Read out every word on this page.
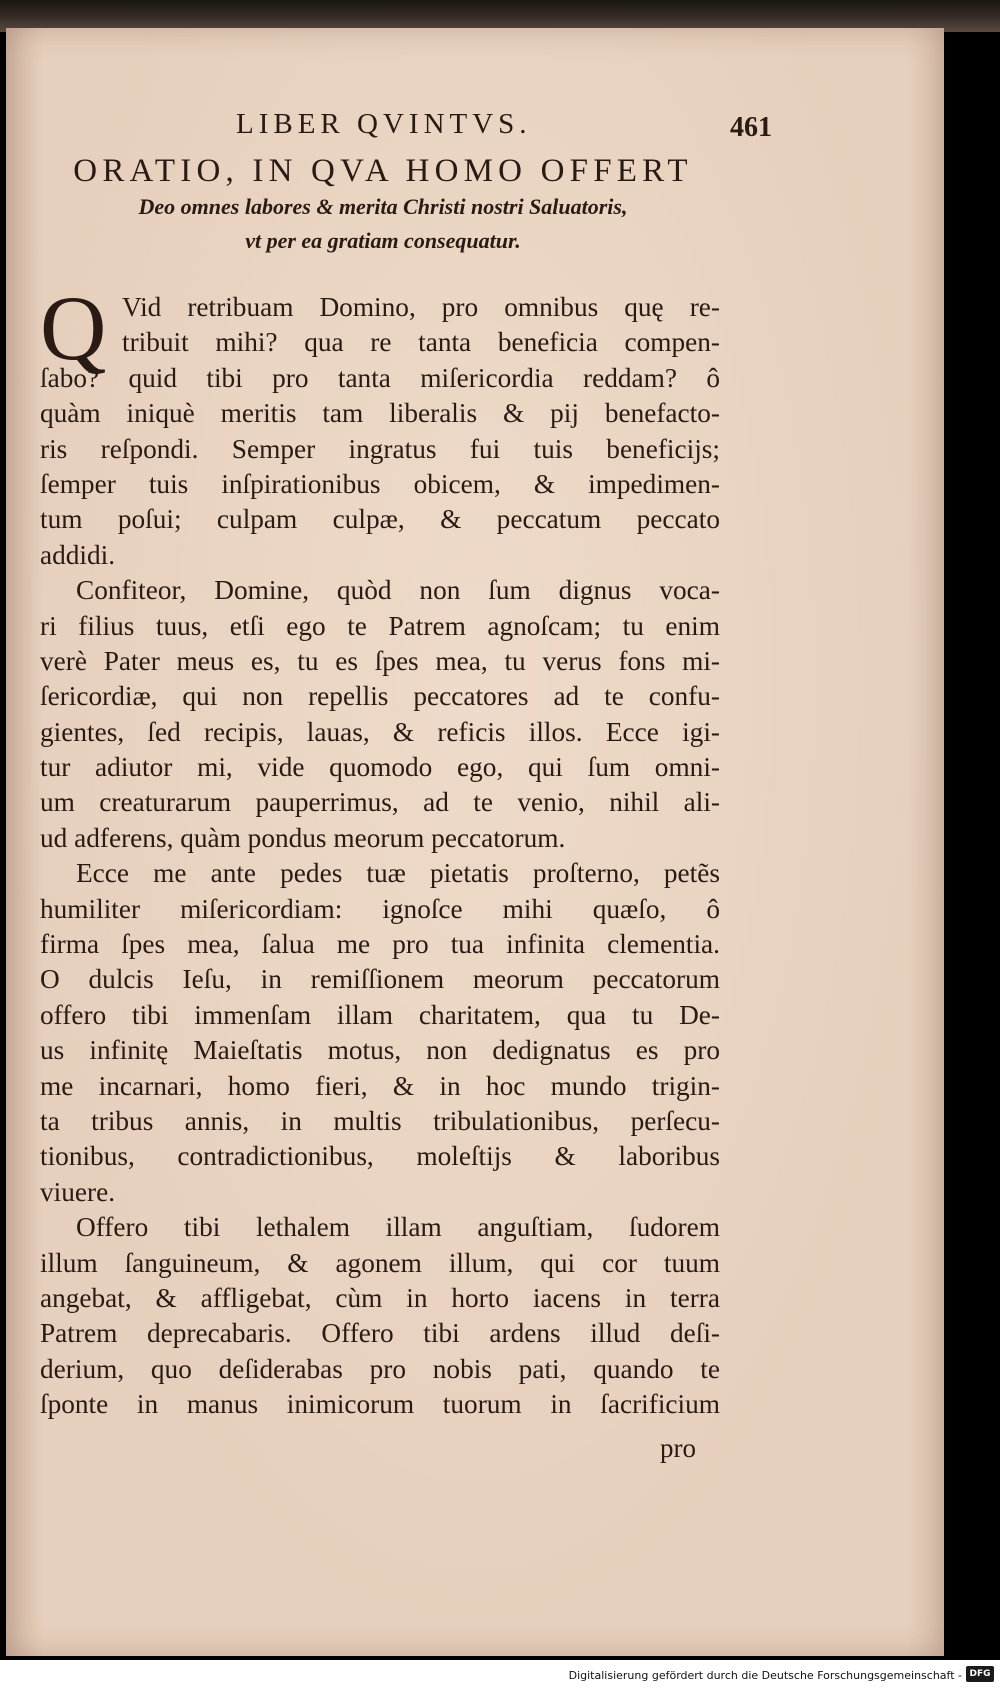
LIBER QVINTVS.	461
ORATIO, IN QVA HOMO OFFERT
Deo omnes labores & merita Christi nostri Saluatoris,
vt per ea gratiam consequatur.
Q Vid retribuam Domino, pro omnibus quę re-
tribuit mihi? qua re tanta beneficia compen-
ſabo? quid tibi pro tanta miſericordia reddam? ô
quàm iniquè meritis tam liberalis & pij benefacto-
ris reſpondi. Semper ingratus fui tuis beneficijs;
ſemper tuis inſpirationibus obicem, & impedimen-
tum poſui; culpam culpæ, & peccatum peccato
addidi.
Confiteor, Domine, quòd non ſum dignus voca-
ri filius tuus, etſi ego te Patrem agnoſcam; tu enim
verè Pater meus es, tu es ſpes mea, tu verus fons mi-
ſericordiæ, qui non repellis peccatores ad te confu-
gientes, ſed recipis, lauas, & reficis illos. Ecce igi-
tur adiutor mi, vide quomodo ego, qui ſum omni-
um creaturarum pauperrimus, ad te venio, nihil ali-
ud adferens, quàm pondus meorum peccatorum.
Ecce me ante pedes tuæ pietatis proſterno, petẽs
humiliter miſericordiam: ignoſce mihi quæſo, ô
firma ſpes mea, ſalua me pro tua infinita clementia.
O dulcis Ieſu, in remiſſionem meorum peccatorum
offero tibi immenſam illam charitatem, qua tu De-
us infinitę Maieſtatis motus, non dedignatus es pro
me incarnari, homo fieri, & in hoc mundo trigin-
ta tribus annis, in multis tribulationibus, perſecu-
tionibus, contradictionibus, moleſtijs & laboribus
viuere.
Offero tibi lethalem illam anguſtiam, ſudorem
illum ſanguineum, & agonem illum, qui cor tuum
angebat, & affligebat, cùm in horto iacens in terra
Patrem deprecabaris. Offero tibi ardens illud deſi-
derium, quo deſiderabas pro nobis pati, quando te
ſponte in manus inimicorum tuorum in ſacrificium
pro
Digitalisierung gefördert durch die Deutsche Forschungsgemeinschaft - DFG
